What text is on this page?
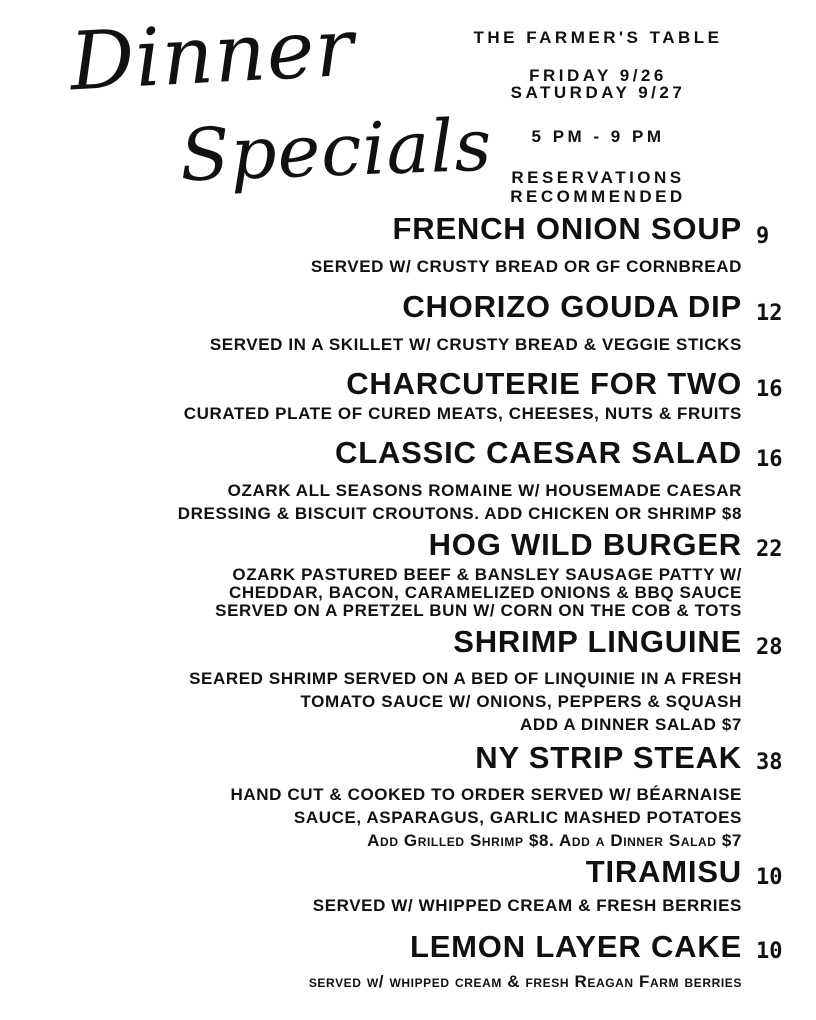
Dinner
Specials
THE FARMER'S TABLE
FRIDAY 9/26
SATURDAY 9/27
5 PM - 9 PM
RESERVATIONS
RECOMMENDED
FRENCH ONION SOUP 9
SERVED W/ CRUSTY BREAD OR GF CORNBREAD
CHORIZO GOUDA DIP 12
SERVED IN A SKILLET W/ CRUSTY BREAD & VEGGIE STICKS
CHARCUTERIE FOR TWO 16
CURATED PLATE OF CURED MEATS, CHEESES, NUTS & FRUITS
CLASSIC CAESAR SALAD 16
OZARK ALL SEASONS ROMAINE W/ HOUSEMADE CAESAR
DRESSING & BISCUIT CROUTONS. ADD CHICKEN OR SHRIMP $8
HOG WILD BURGER 22
OZARK PASTURED BEEF & BANSLEY SAUSAGE PATTY W/
CHEDDAR, BACON, CARAMELIZED ONIONS & BBQ SAUCE
SERVED ON A PRETZEL BUN W/ CORN ON THE COB & TOTS
SHRIMP LINGUINE 28
SEARED SHRIMP SERVED ON A BED OF LINQUINIE IN A FRESH
TOMATO SAUCE W/ ONIONS, PEPPERS & SQUASH
ADD A DINNER SALAD $7
NY STRIP STEAK 38
HAND CUT & COOKED TO ORDER SERVED W/ BÉARNAISE
SAUCE, ASPARAGUS, GARLIC MASHED POTATOES
Add Grilled Shrimp $8. Add a Dinner Salad $7
TIRAMISU 10
SERVED W/ WHIPPED CREAM & FRESH BERRIES
LEMON LAYER CAKE 10
served w/ whipped cream & fresh Reagan Farm berries
